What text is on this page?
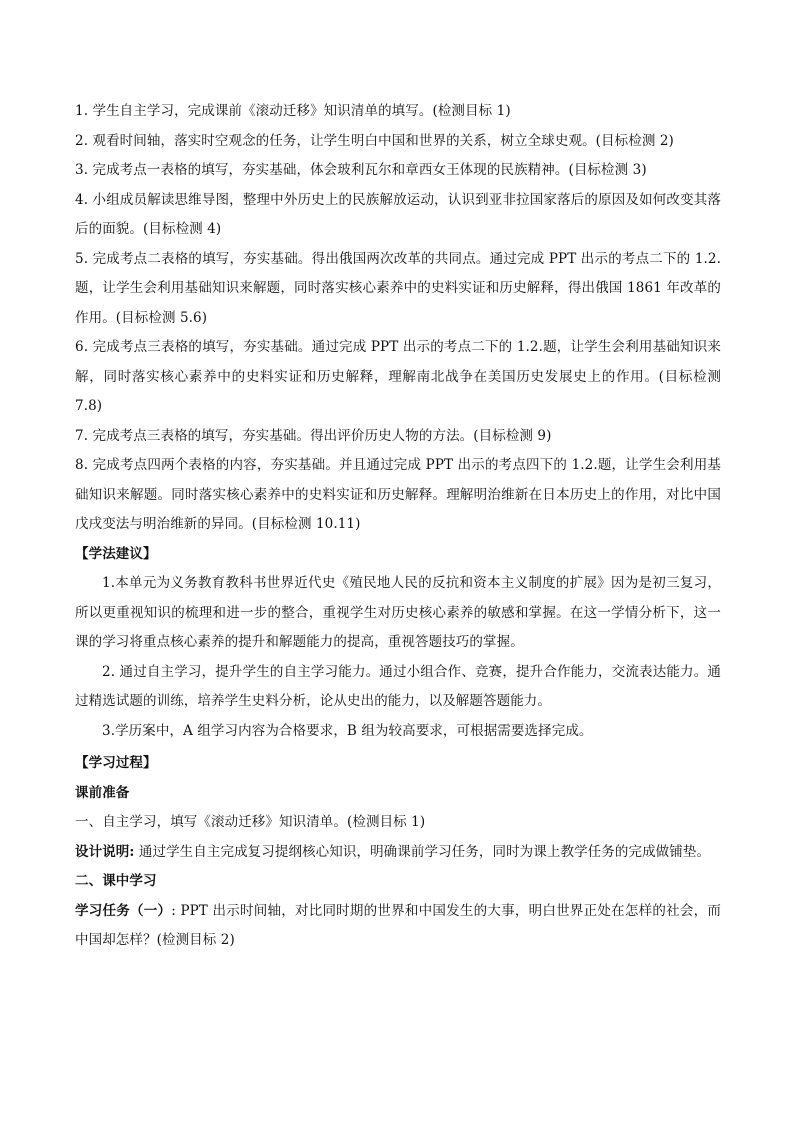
1. 学生自主学习，完成课前《滚动迁移》知识清单的填写。(检测目标 1)

2. 观看时间轴，落实时空观念的任务，让学生明白中国和世界的关系，树立全球史观。(目标检测 2)

3. 完成考点一表格的填写，夯实基础，体会玻利瓦尔和章西女王体现的民族精神。(目标检测 3)

4. 小组成员解读思维导图，整理中外历史上的民族解放运动，认识到亚非拉国家落后的原因及如何改变其落后的面貌。(目标检测 4)

5. 完成考点二表格的填写，夯实基础。得出俄国两次改革的共同点。通过完成 PPT 出示的考点二下的 1.2.题，让学生会利用基础知识来解题，同时落实核心素养中的史料实证和历史解释，得出俄国 1861 年改革的作用。(目标检测 5.6)

6. 完成考点三表格的填写，夯实基础。通过完成 PPT 出示的考点二下的 1.2.题，让学生会利用基础知识来解，同时落实核心素养中的史料实证和历史解释，理解南北战争在美国历史发展史上的作用。(目标检测 7.8)

7. 完成考点三表格的填写，夯实基础。得出评价历史人物的方法。(目标检测 9)

8. 完成考点四两个表格的内容，夯实基础。并且通过完成 PPT 出示的考点四下的 1.2.题，让学生会利用基础知识来解题。同时落实核心素养中的史料实证和历史解释。理解明治维新在日本历史上的作用，对比中国戊戌变法与明治维新的异同。(目标检测 10.11)

【学法建议】

1.本单元为义务教育教科书世界近代史《殖民地人民的反抗和资本主义制度的扩展》因为是初三复习，所以更重视知识的梳理和进一步的整合，重视学生对历史核心素养的敏感和掌握。在这一学情分析下，这一课的学习将重点核心素养的提升和解题能力的提高，重视答题技巧的掌握。

2. 通过自主学习，提升学生的自主学习能力。通过小组合作、竞赛，提升合作能力，交流表达能力。通过精选试题的训练，培养学生史料分析，论从史出的能力，以及解题答题能力。

3.学历案中，A 组学习内容为合格要求，B 组为较高要求，可根据需要选择完成。

【学习过程】

课前准备

一、自主学习，填写《滚动迁移》知识清单。(检测目标 1)

设计说明: 通过学生自主完成复习提纲核心知识，明确课前学习任务，同时为课上教学任务的完成做铺垫。

二、课中学习

学习任务（一）: PPT 出示时间轴，对比同时期的世界和中国发生的大事，明白世界正处在怎样的社会，而中国却怎样？(检测目标 2)
